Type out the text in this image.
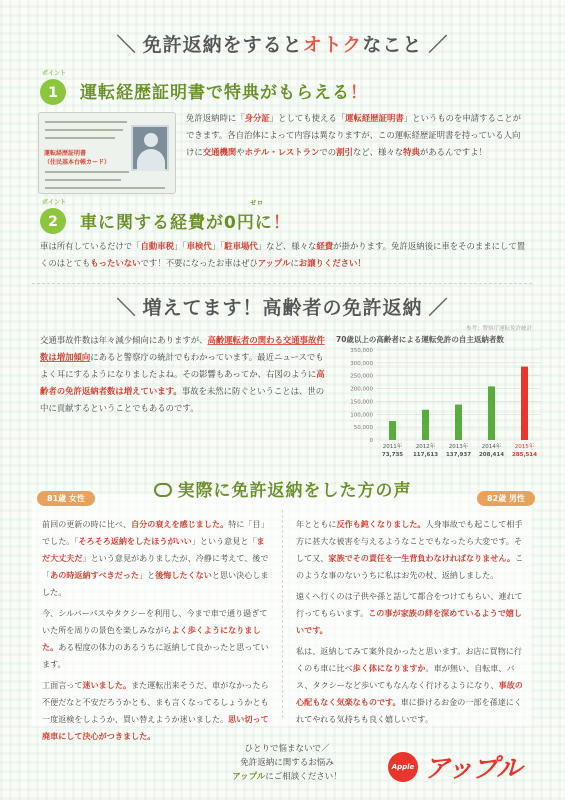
＼ 免許返納をするとオトクなこと ／
ポイント
1	運転経歴証明書で特典がもらえる！
運転経歴証明書
（住民基本台帳カード）
免許返納時に「身分証」としても使える「運転経歴証明書」というものを申請することができます。各自治体によって内容は異なりますが、この運転経歴証明書を持っている人向けに交通機関やホテル・レストランでの割引など、様々な特典があるんですよ！
ポイント
2	車に関する経費が0円に！
ゼロ
車は所有しているだけで「自動車税」「車検代」「駐車場代」など、様々な経費が掛かります。免許返納後に車をそのままにして置くのはとてももったいないです！不要になったお車はぜひアップルにお譲りください！
＼ 増えてます！高齢者の免許返納 ／
交通事故件数は年々減少傾向にありますが、高齢運転者の関わる交通事故件数は増加傾向にあると警察庁の統計でもわかっています。最近ニュースでもよく耳にするようになりましたよね。その影響もあってか、右図のように高齢者の免許返納者数は増えています。事故を未然に防ぐということは、世の中に貢献するということでもあるのです。
参考：警察庁運転免許統計
70歳以上の高齢者による運転免許の自主返納者数
0
50,000
100,000
150,000
200,000
250,000
300,000
350,000
2011年
73,735
2012年
117,613
2013年
137,937
2014年
208,414
2015年
285,514
実際に免許返納をした方の声
81歳 女性	82歳 男性

前回の更新の時に比べ、自分の衰えを感じました。特に「目」でした。「そろそろ返納をしたほうがいい」という意見と「まだ大丈夫だ」という意見がありましたが、冷静に考えて、後で「あの時返納すべきだった」と後悔したくないと思い決心しました。

今、シルバーパスやタクシーを利用し、今まで車で通り過ぎていた所を周りの景色を楽しみながらよく歩くようになりました。ある程度の体力のあるうちに返納して良かったと思っています。

工面言って迷いました。また運転出来そうだ、車がなかったら不便だなと不安だろうかとも、まも言くなってるしょうかとも一度返検をしようか、買い替えようか迷いました。思い切って廃車にして決心がつきました。

年とともに反作も鈍くなりました。人身事故でも起こして相手方に甚大な被害を与えるようなことでもなったら大変です。そして又、家族でその責任を一生背負わなければなりません。このような事のないうちに私はお先の杖、返納しました。

遠くへ行くのは子供や孫と話して都合をつけてもらい、連れて行ってもらいます。この事が家族の絆を深めているようで嬉しいです。

私は、返納してみて案外良かったと思います。お店に買物に行くのも車に比べ歩く体になりますか。車が無い、自転車、バス、タクシーなど歩いてもなんなく行けるようになり、事故の心配もなく気楽なものです。車に掛けるお金の一部を孫達にくれてやれる気持ちも良く嬉しいです。

ひとりで悩まないで／
免許返納に関するお悩み
アップルにご相談ください！
Apple アップル
